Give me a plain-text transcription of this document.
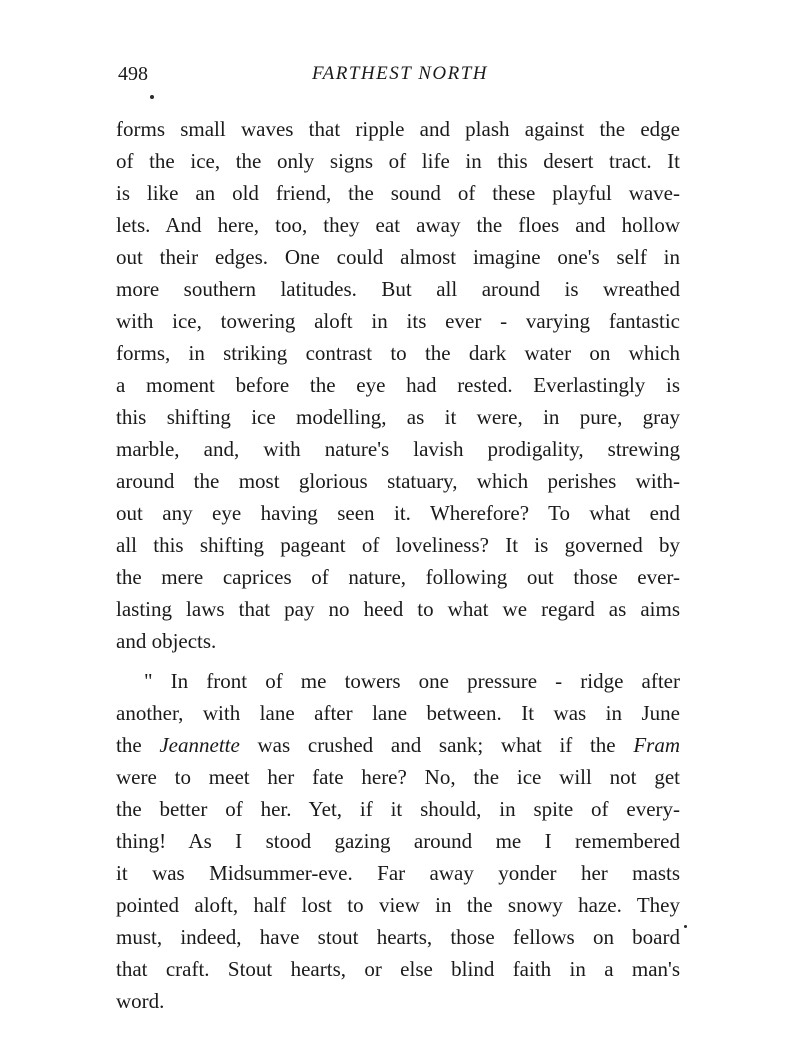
498	FARTHEST NORTH
forms small waves that ripple and plash against the edge
of the ice, the only signs of life in this desert tract. It
is like an old friend, the sound of these playful wave-
lets. And here, too, they eat away the floes and hollow
out their edges. One could almost imagine one's self in
more southern latitudes. But all around is wreathed
with ice, towering aloft in its ever - varying fantastic
forms, in striking contrast to the dark water on which
a moment before the eye had rested. Everlastingly is
this shifting ice modelling, as it were, in pure, gray
marble, and, with nature's lavish prodigality, strewing
around the most glorious statuary, which perishes with-
out any eye having seen it. Wherefore? To what end
all this shifting pageant of loveliness? It is governed by
the mere caprices of nature, following out those ever-
lasting laws that pay no heed to what we regard as aims
and objects.
" In front of me towers one pressure - ridge after
another, with lane after lane between. It was in June
the Jeannette was crushed and sank; what if the Fram
were to meet her fate here? No, the ice will not get
the better of her. Yet, if it should, in spite of every-
thing! As I stood gazing around me I remembered
it was Midsummer-eve. Far away yonder her masts
pointed aloft, half lost to view in the snowy haze. They
must, indeed, have stout hearts, those fellows on board
that craft. Stout hearts, or else blind faith in a man's
word.
